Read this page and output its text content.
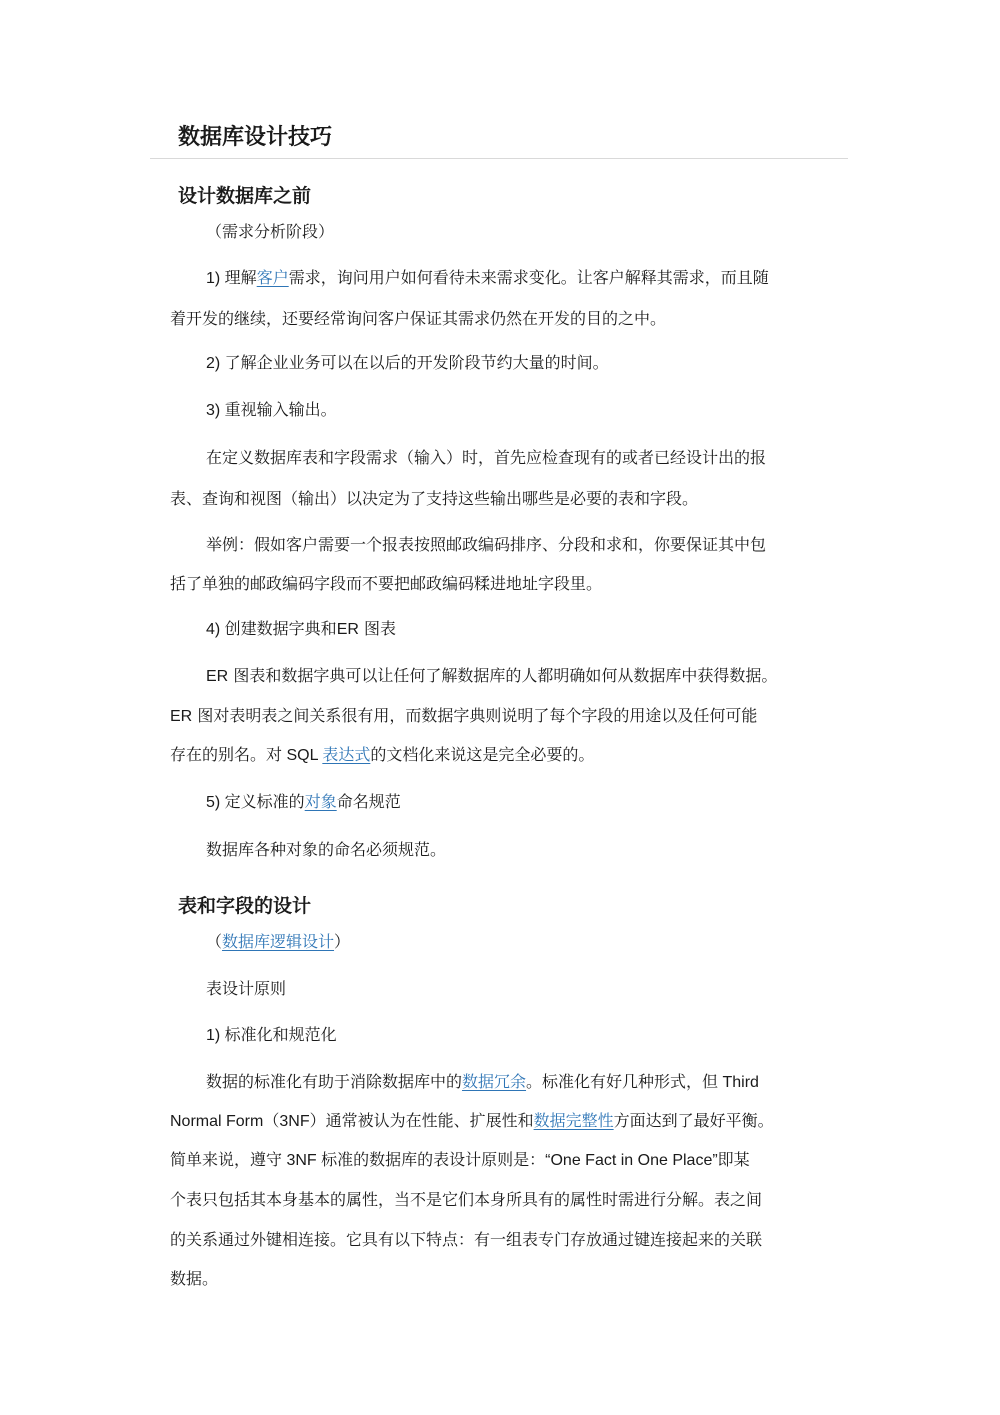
数据库设计技巧
设计数据库之前
（需求分析阶段）
1) 理解客户需求，询问用户如何看待未来需求变化。让客户解释其需求，而且随
着开发的继续，还要经常询问客户保证其需求仍然在开发的目的之中。
2) 了解企业业务可以在以后的开发阶段节约大量的时间。
3) 重视输入输出。
在定义数据库表和字段需求（输入）时，首先应检查现有的或者已经设计出的报
表、查询和视图（输出）以决定为了支持这些输出哪些是必要的表和字段。
举例：假如客户需要一个报表按照邮政编码排序、分段和求和，你要保证其中包
括了单独的邮政编码字段而不要把邮政编码糅进地址字段里。
4) 创建数据字典和ER 图表
ER 图表和数据字典可以让任何了解数据库的人都明确如何从数据库中获得数据。
ER 图对表明表之间关系很有用，而数据字典则说明了每个字段的用途以及任何可能
存在的别名。对 SQL 表达式的文档化来说这是完全必要的。
5) 定义标准的对象命名规范
数据库各种对象的命名必须规范。
表和字段的设计
（数据库逻辑设计）
表设计原则
1) 标准化和规范化
数据的标准化有助于消除数据库中的数据冗余。标准化有好几种形式，但 Third
Normal Form（3NF）通常被认为在性能、扩展性和数据完整性方面达到了最好平衡。
简单来说，遵守 3NF 标准的数据库的表设计原则是：“One Fact in One Place”即某
个表只包括其本身基本的属性，当不是它们本身所具有的属性时需进行分解。表之间
的关系通过外键相连接。它具有以下特点：有一组表专门存放通过键连接起来的关联
数据。
